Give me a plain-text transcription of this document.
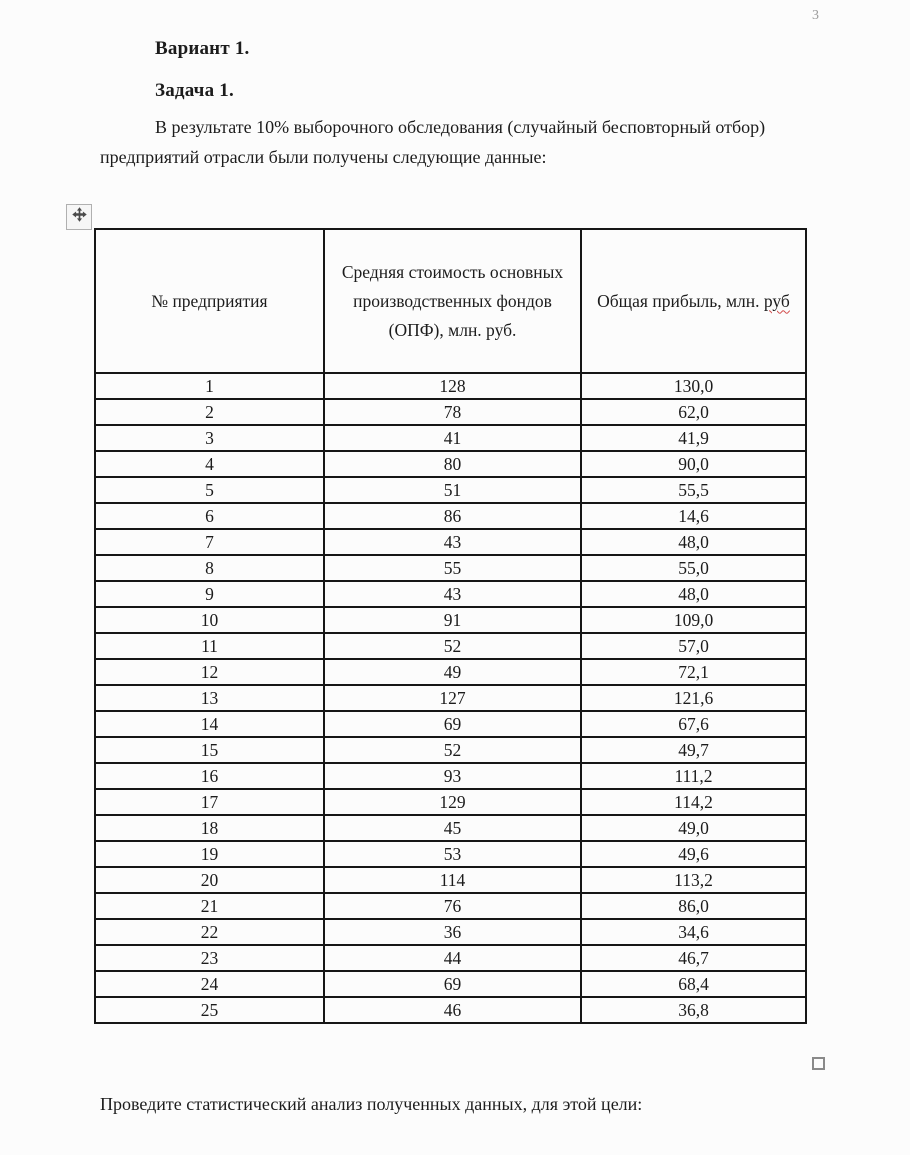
3
Вариант 1.
Задача 1.

В результате 10% выборочного обследования (случайный бесповторный отбор) предприятий отрасли были получены следующие данные:

№ предприятия	Средняя стоимость основных производственных фондов (ОПФ), млн. руб.	Общая прибыль, млн. руб
1	128	130,0
2	78	62,0
3	41	41,9
4	80	90,0
5	51	55,5
6	86	14,6
7	43	48,0
8	55	55,0
9	43	48,0
10	91	109,0
11	52	57,0
12	49	72,1
13	127	121,6
14	69	67,6
15	52	49,7
16	93	111,2
17	129	114,2
18	45	49,0
19	53	49,6
20	114	113,2
21	76	86,0
22	36	34,6
23	44	46,7
24	69	68,4
25	46	36,8

Проведите статистический анализ полученных данных, для этой цели:
